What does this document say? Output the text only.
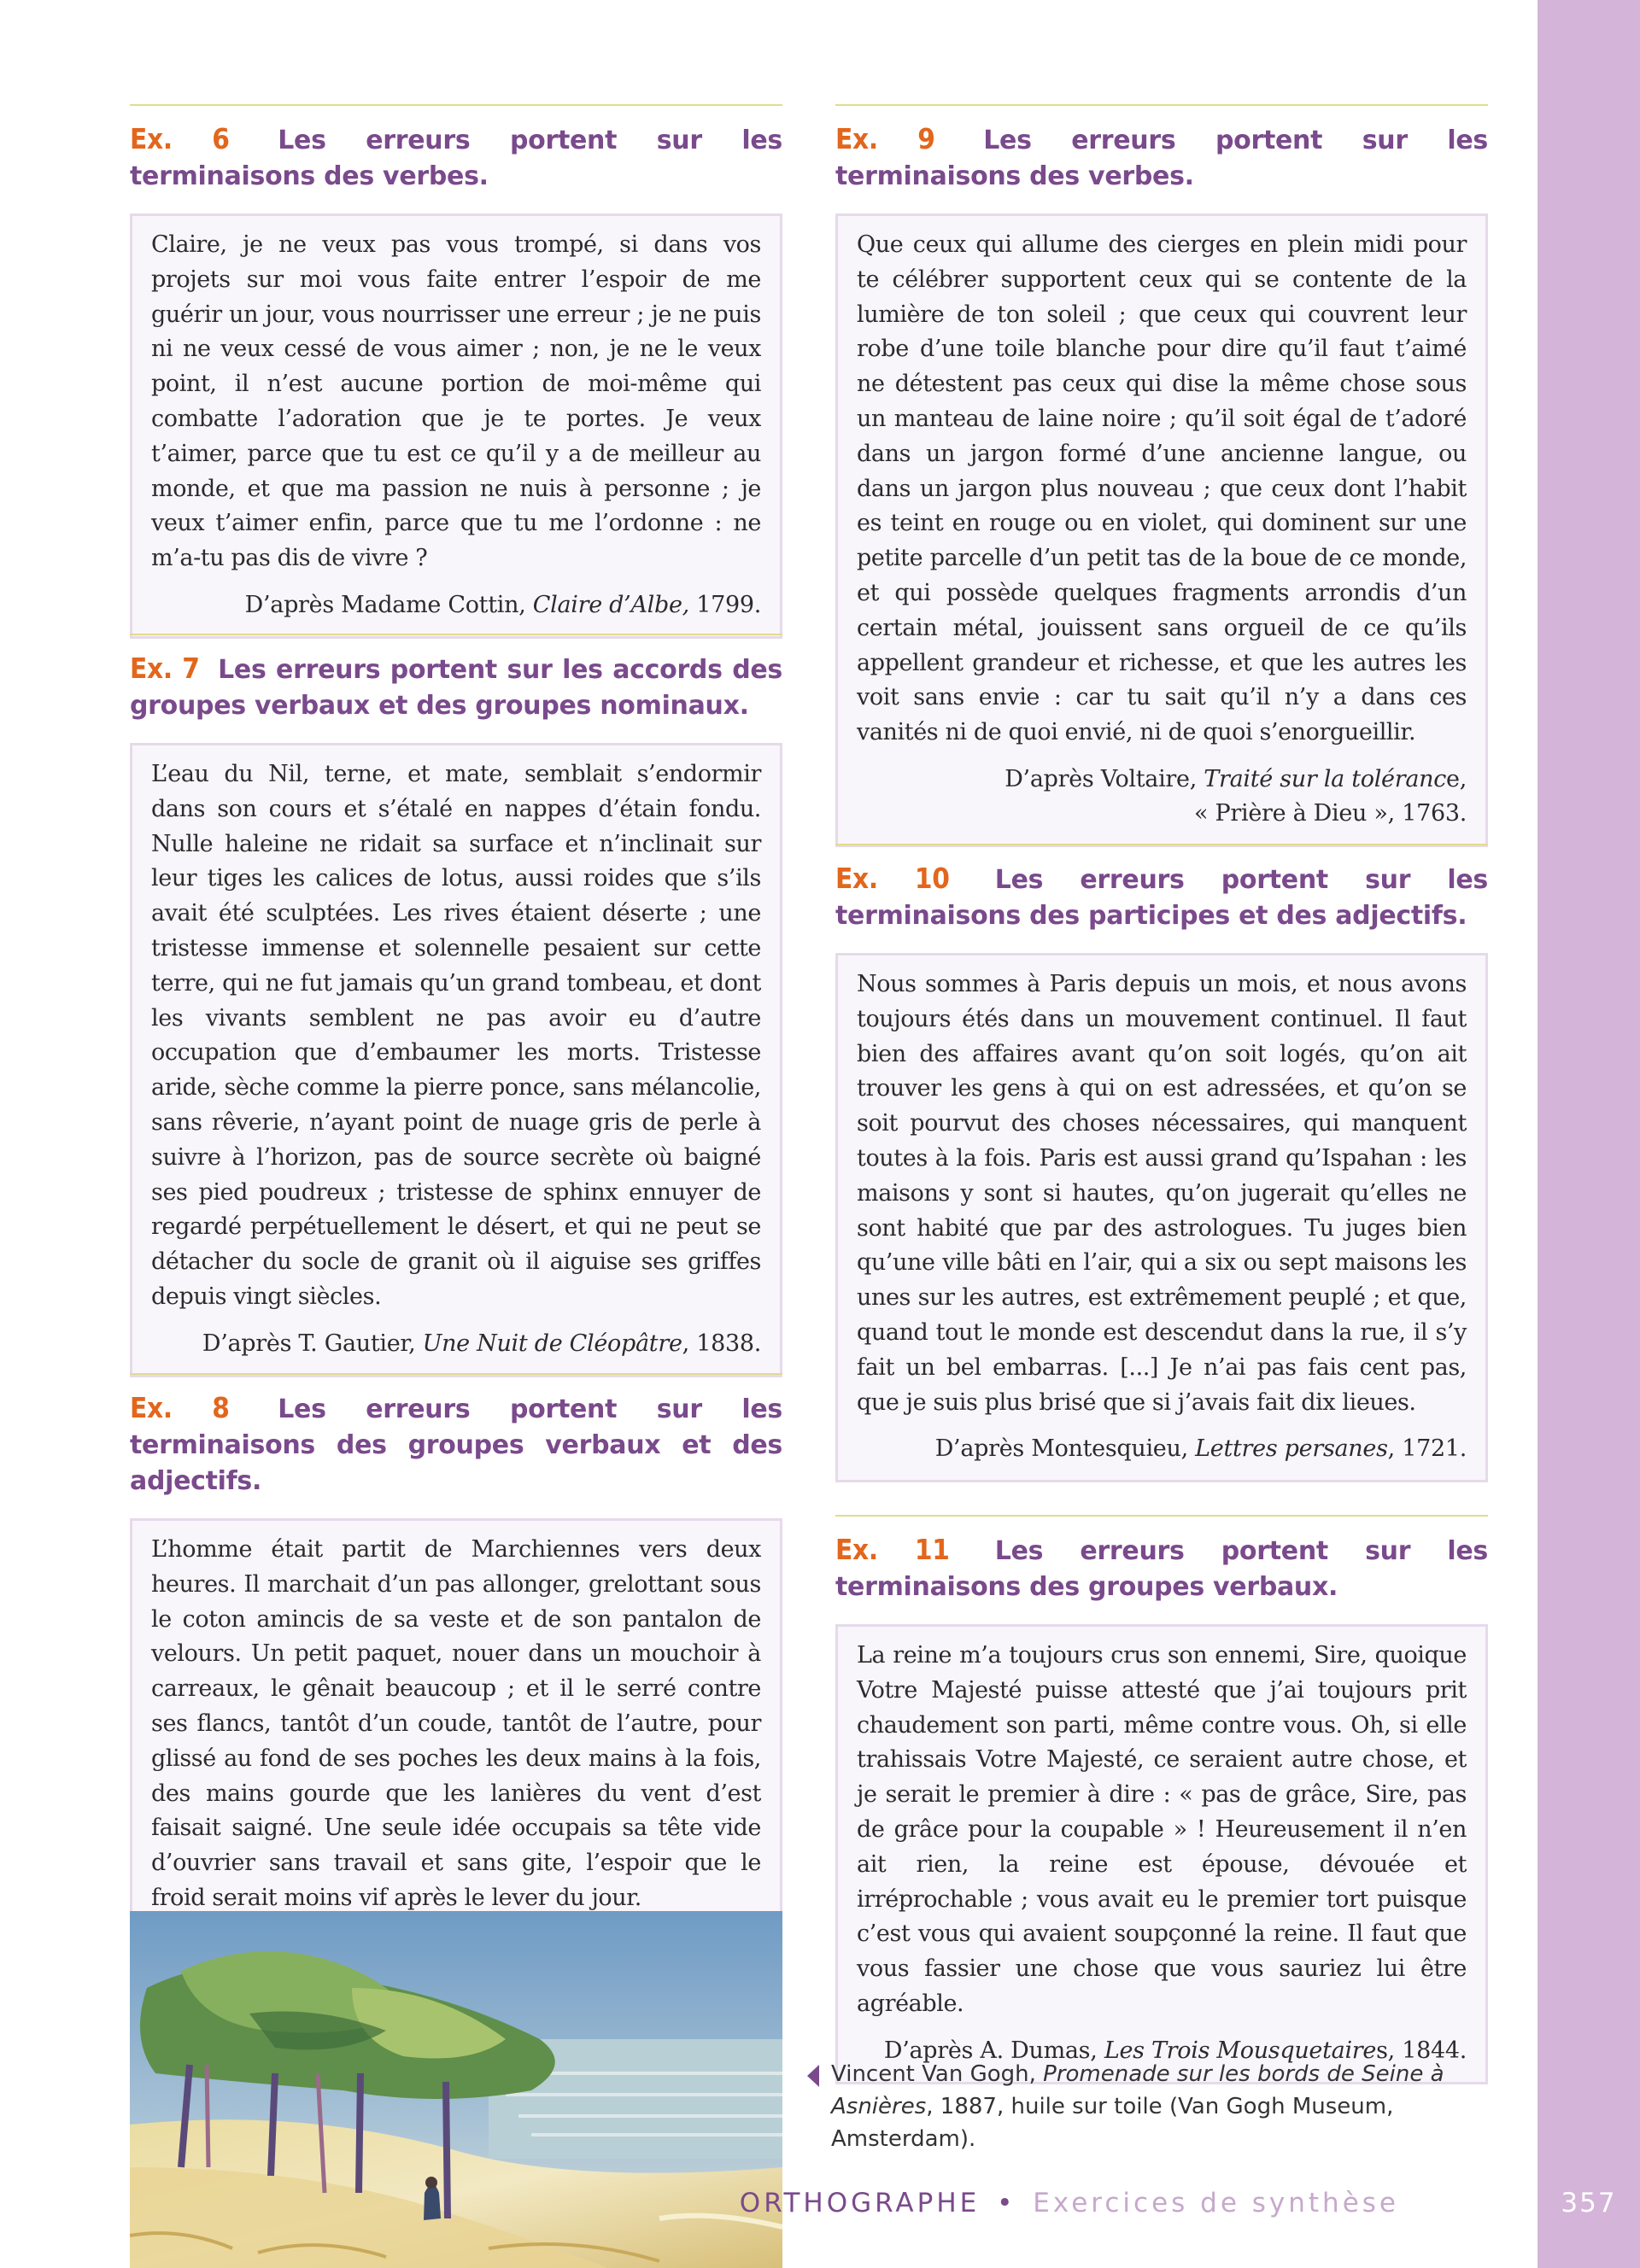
Ex. 6 Les erreurs portent sur les terminaisons des verbes.

Claire, je ne veux pas vous trompé, si dans vos projets sur moi vous faite entrer l’espoir de me guérir un jour, vous nourrisser une erreur ; je ne puis ni ne veux cessé de vous aimer ; non, je ne le veux point, il n’est aucune portion de moi-même qui combatte l’adoration que je te portes. Je veux t’aimer, parce que tu est ce qu’il y a de meilleur au monde, et que ma passion ne nuis à personne ; je veux t’aimer enfin, parce que tu me l’ordonne : ne m’a-tu pas dis de vivre ?

D’après Madame Cottin, Claire d’Albe, 1799.
Ex. 7 Les erreurs portent sur les accords des groupes verbaux et des groupes nominaux.

L’eau du Nil, terne, et mate, semblait s’endormir dans son cours et s’étalé en nappes d’étain fondu. Nulle haleine ne ridait sa surface et n’inclinait sur leur tiges les calices de lotus, aussi roides que s’ils avait été sculptées. Les rives étaient déserte ; une tristesse immense et solennelle pesaient sur cette terre, qui ne fut jamais qu’un grand tombeau, et dont les vivants semblent ne pas avoir eu d’autre occupation que d’embaumer les morts. Tristesse aride, sèche comme la pierre ponce, sans mélancolie, sans rêverie, n’ayant point de nuage gris de perle à suivre à l’horizon, pas de source secrète où baigné ses pied poudreux ; tristesse de sphinx ennuyer de regardé perpétuellement le désert, et qui ne peut se détacher du socle de granit où il aiguise ses griffes depuis vingt siècles.

D’après T. Gautier, Une Nuit de Cléopâtre, 1838.
Ex. 8 Les erreurs portent sur les terminaisons des groupes verbaux et des adjectifs.

L’homme était partit de Marchiennes vers deux heures. Il marchait d’un pas allonger, grelottant sous le coton amincis de sa veste et de son pantalon de velours. Un petit paquet, nouer dans un mouchoir à carreaux, le gênait beaucoup ; et il le serré contre ses flancs, tantôt d’un coude, tantôt de l’autre, pour glissé au fond de ses poches les deux mains à la fois, des mains gourde que les lanières du vent d’est faisait saigné. Une seule idée occupais sa tête vide d’ouvrier sans travail et sans gite, l’espoir que le froid serait moins vif après le lever du jour.

Ex. 9 Les erreurs portent sur les terminaisons des verbes.

Que ceux qui allume des cierges en plein midi pour te célébrer supportent ceux qui se contente de la lumière de ton soleil ; que ceux qui couvrent leur robe d’une toile blanche pour dire qu’il faut t’aimé ne détestent pas ceux qui dise la même chose sous un manteau de laine noire ; qu’il soit égal de t’adoré dans un jargon formé d’une ancienne langue, ou dans un jargon plus nouveau ; que ceux dont l’habit es teint en rouge ou en violet, qui dominent sur une petite parcelle d’un petit tas de la boue de ce monde, et qui possède quelques fragments arrondis d’un certain métal, jouissent sans orgueil de ce qu’ils appellent grandeur et richesse, et que les autres les voit sans envie : car tu sait qu’il n’y a dans ces vanités ni de quoi envié, ni de quoi s’enorgueillir.

D’après Voltaire, Traité sur la tolérance,
« Prière à Dieu », 1763.
Ex. 10 Les erreurs portent sur les terminaisons des participes et des adjectifs.

Nous sommes à Paris depuis un mois, et nous avons toujours étés dans un mouvement continuel. Il faut bien des affaires avant qu’on soit logés, qu’on ait trouver les gens à qui on est adressées, et qu’on se soit pourvut des choses nécessaires, qui manquent toutes à la fois. Paris est aussi grand qu’Ispahan : les maisons y sont si hautes, qu’on jugerait qu’elles ne sont habité que par des astrologues. Tu juges bien qu’une ville bâti en l’air, qui a six ou sept maisons les unes sur les autres, est extrêmement peuplé ; et que, quand tout le monde est descendut dans la rue, il s’y fait un bel embarras. [...] Je n’ai pas fais cent pas, que je suis plus brisé que si j’avais fait dix lieues.

D’après Montesquieu, Lettres persanes, 1721.
Ex. 11 Les erreurs portent sur les terminaisons des groupes verbaux.

La reine m’a toujours crus son ennemi, Sire, quoique Votre Majesté puisse attesté que j’ai toujours prit chaudement son parti, même contre vous. Oh, si elle trahissais Votre Majesté, ce seraient autre chose, et je serait le premier à dire : « pas de grâce, Sire, pas de grâce pour la coupable » ! Heureusement il n’en ait rien, la reine est épouse, dévouée et irréprochable ; vous avait eu le premier tort puisque c’est vous qui avaient soupçonné la reine. Il faut que vous fassier une chose que vous sauriez lui être agréable.

D’après A. Dumas, Les Trois Mousquetaires, 1844.
Vincent Van Gogh, Promenade sur les bords de Seine à Asnières, 1887, huile sur toile (Van Gogh Museum, Amsterdam).
ORTHOGRAPHE • Exercices de synthèse	357
